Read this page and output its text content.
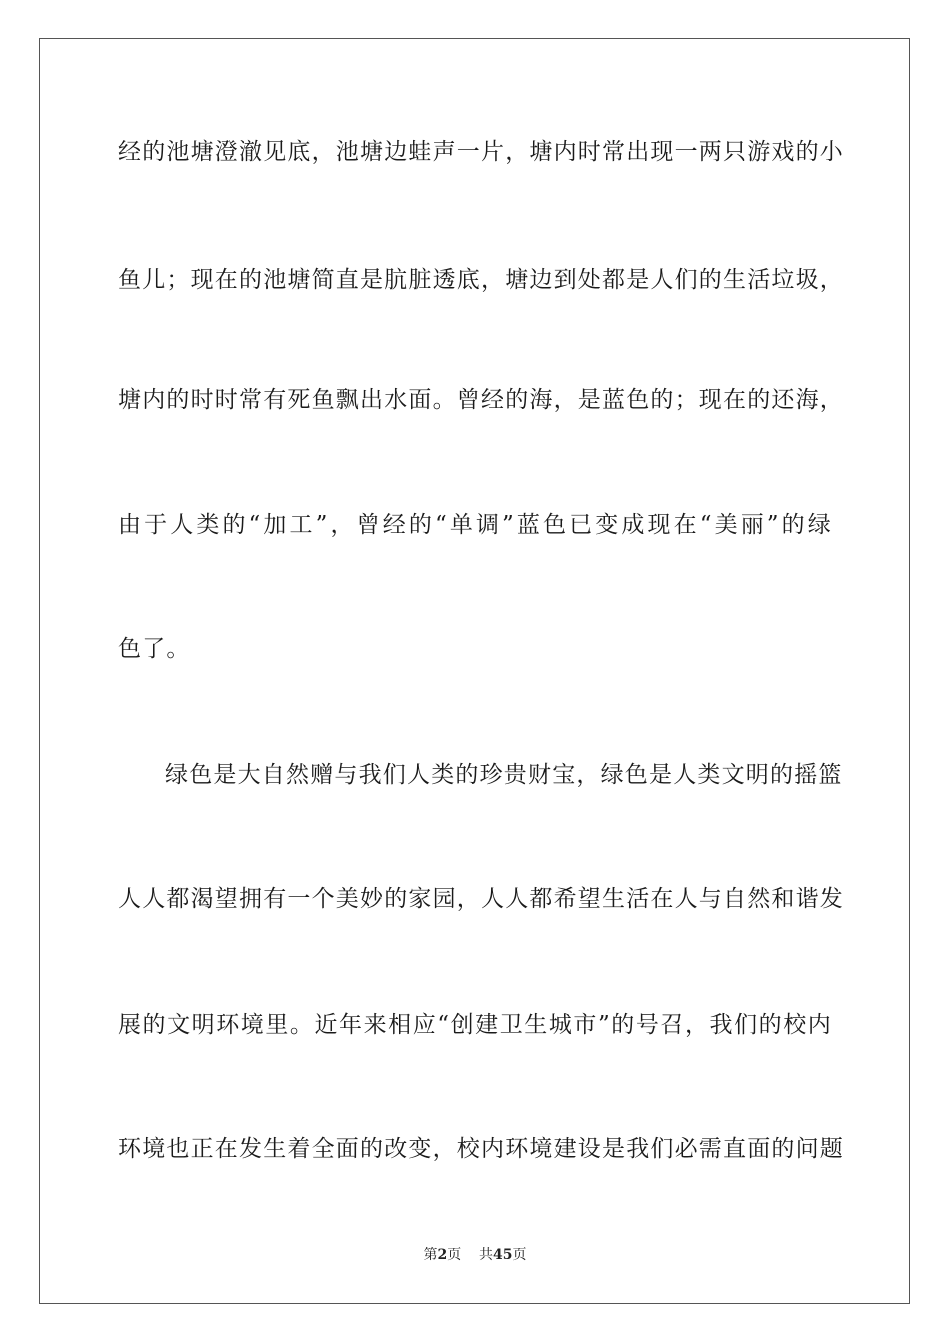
经的池塘澄澈见底，池塘边蛙声一片，塘内时常出现一两只游戏的小
鱼儿；现在的池塘简直是肮脏透底，塘边到处都是人们的生活垃圾，
塘内的时时常有死鱼飘出水面。曾经的海，是蓝色的；现在的还海，
由于人类的“加工”，曾经的“单调”蓝色已变成现在“美丽”的绿
色了。
绿色是大自然赠与我们人类的珍贵财宝，绿色是人类文明的摇篮
人人都渴望拥有一个美妙的家园，人人都希望生活在人与自然和谐发
展的文明环境里。近年来相应“创建卫生城市”的号召，我们的校内
环境也正在发生着全面的改变，校内环境建设是我们必需直面的问题
第2页 共45页
